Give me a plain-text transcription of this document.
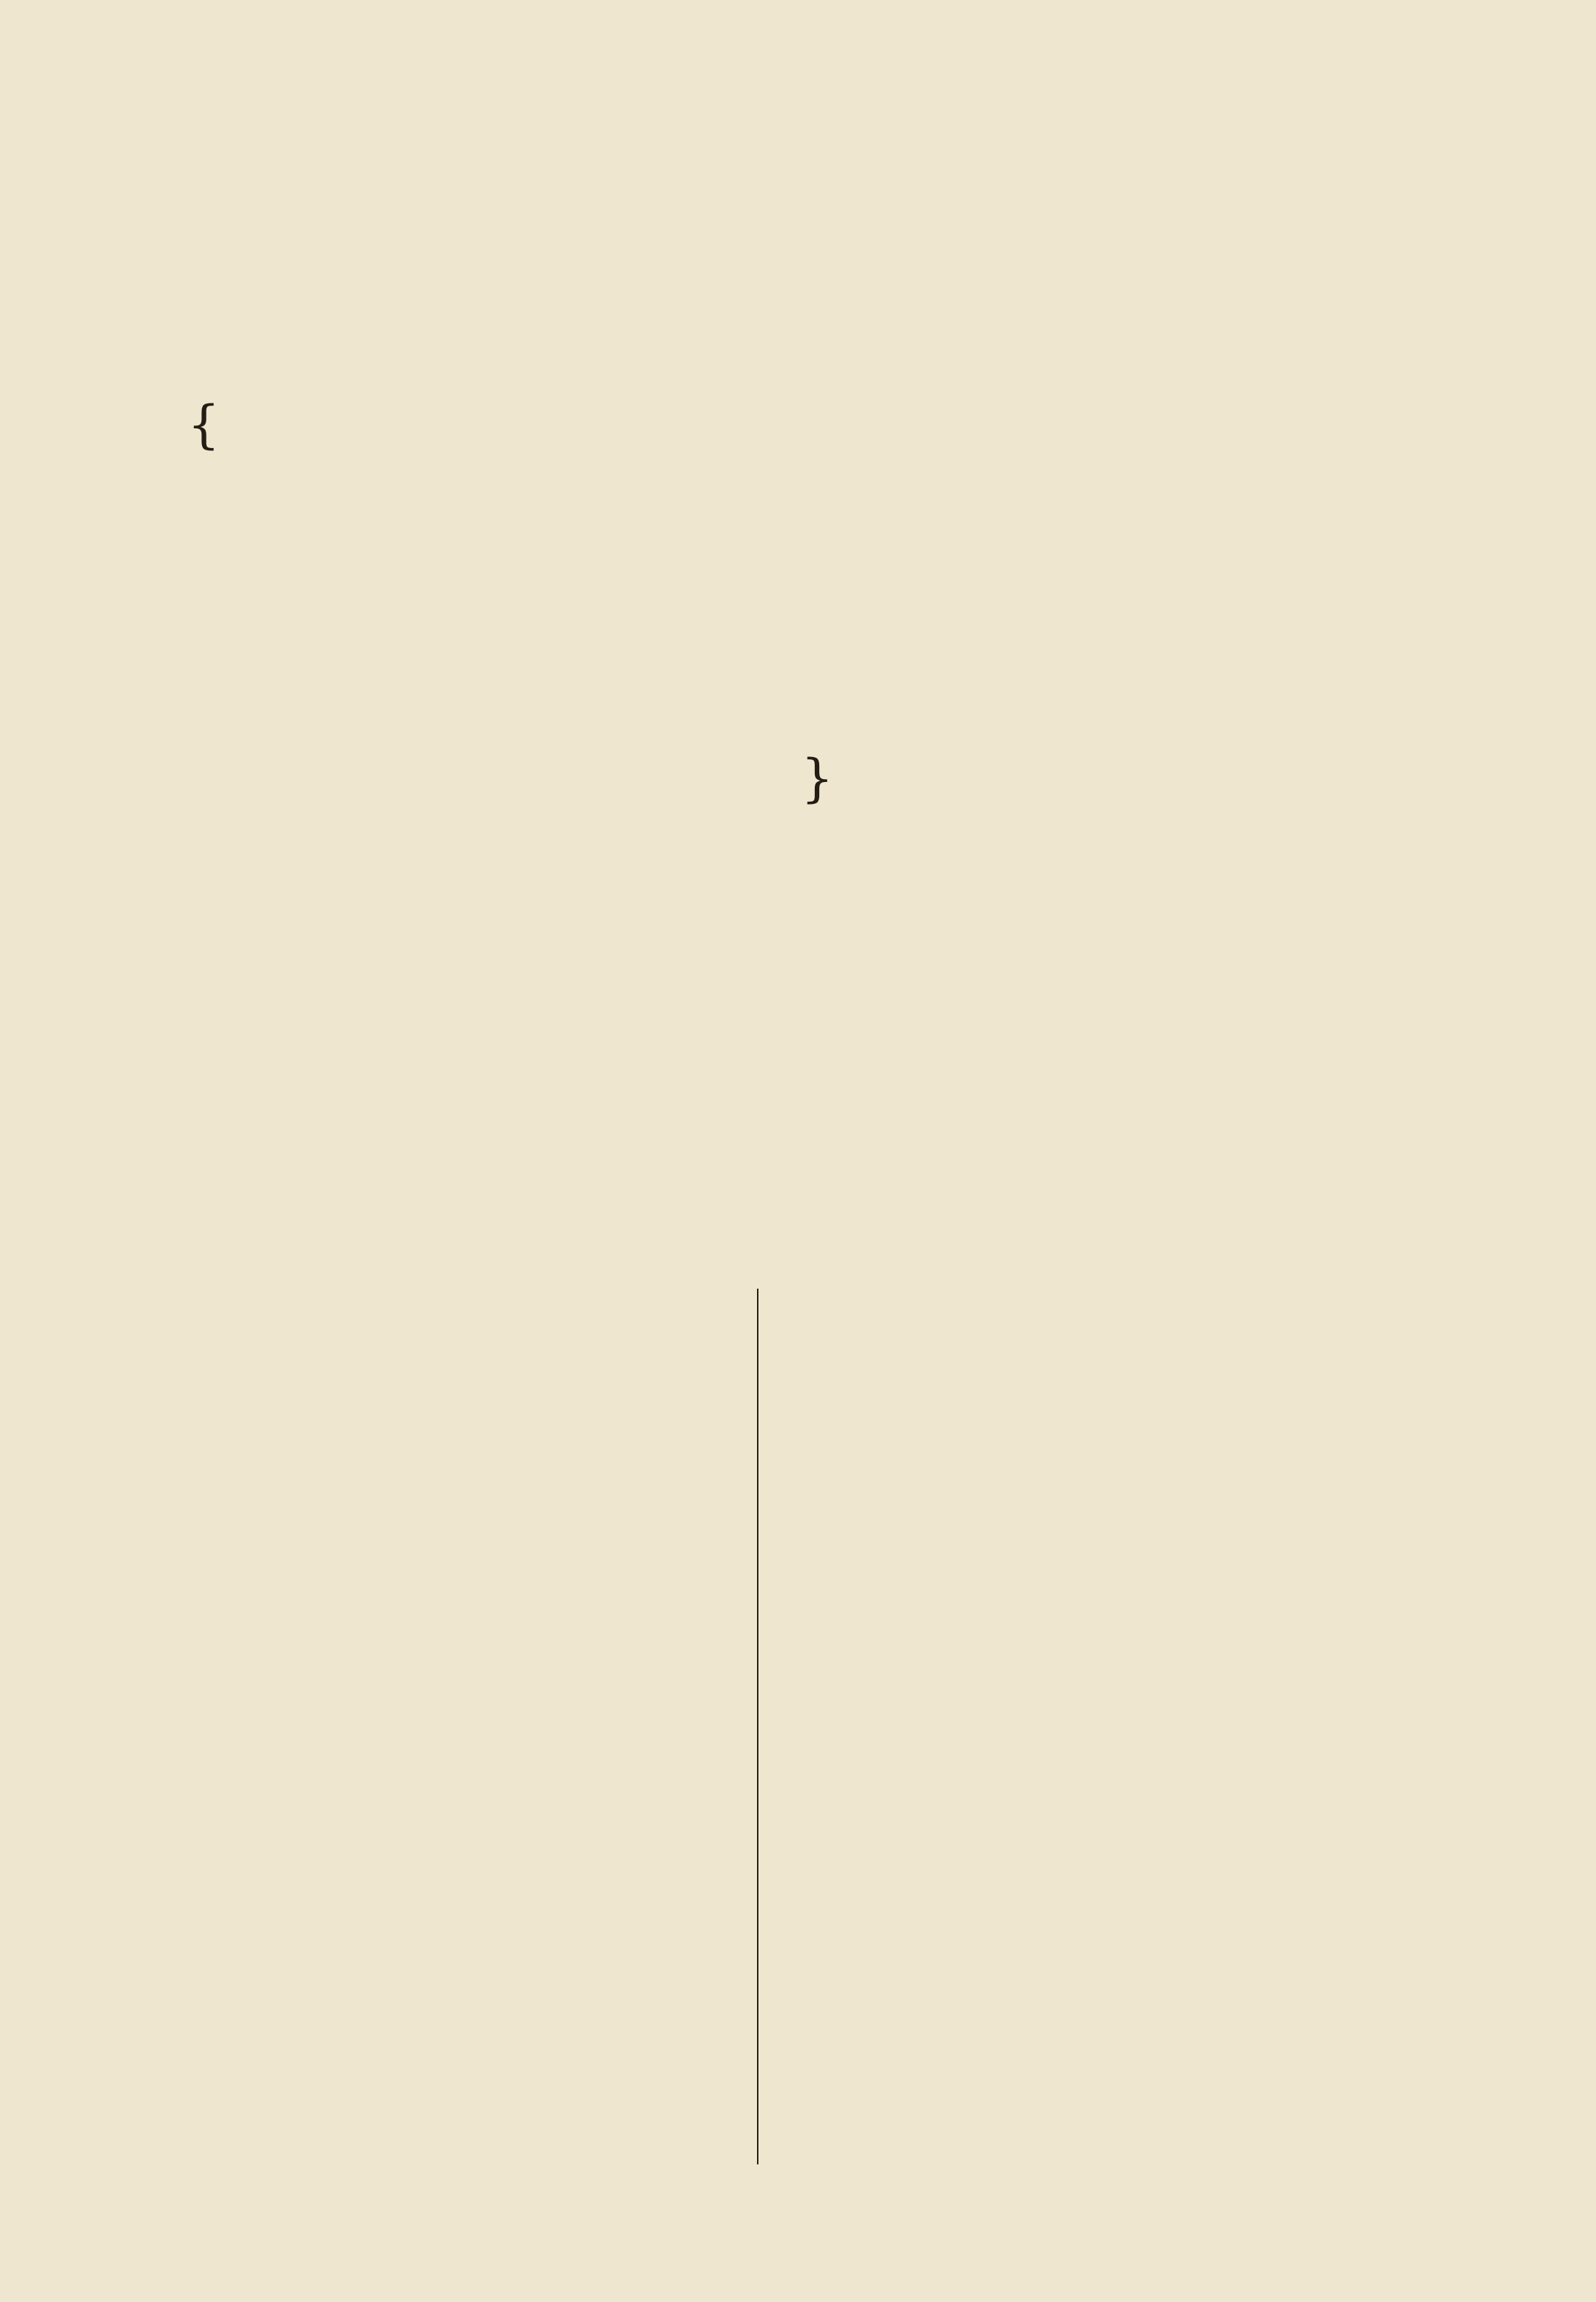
{
}
